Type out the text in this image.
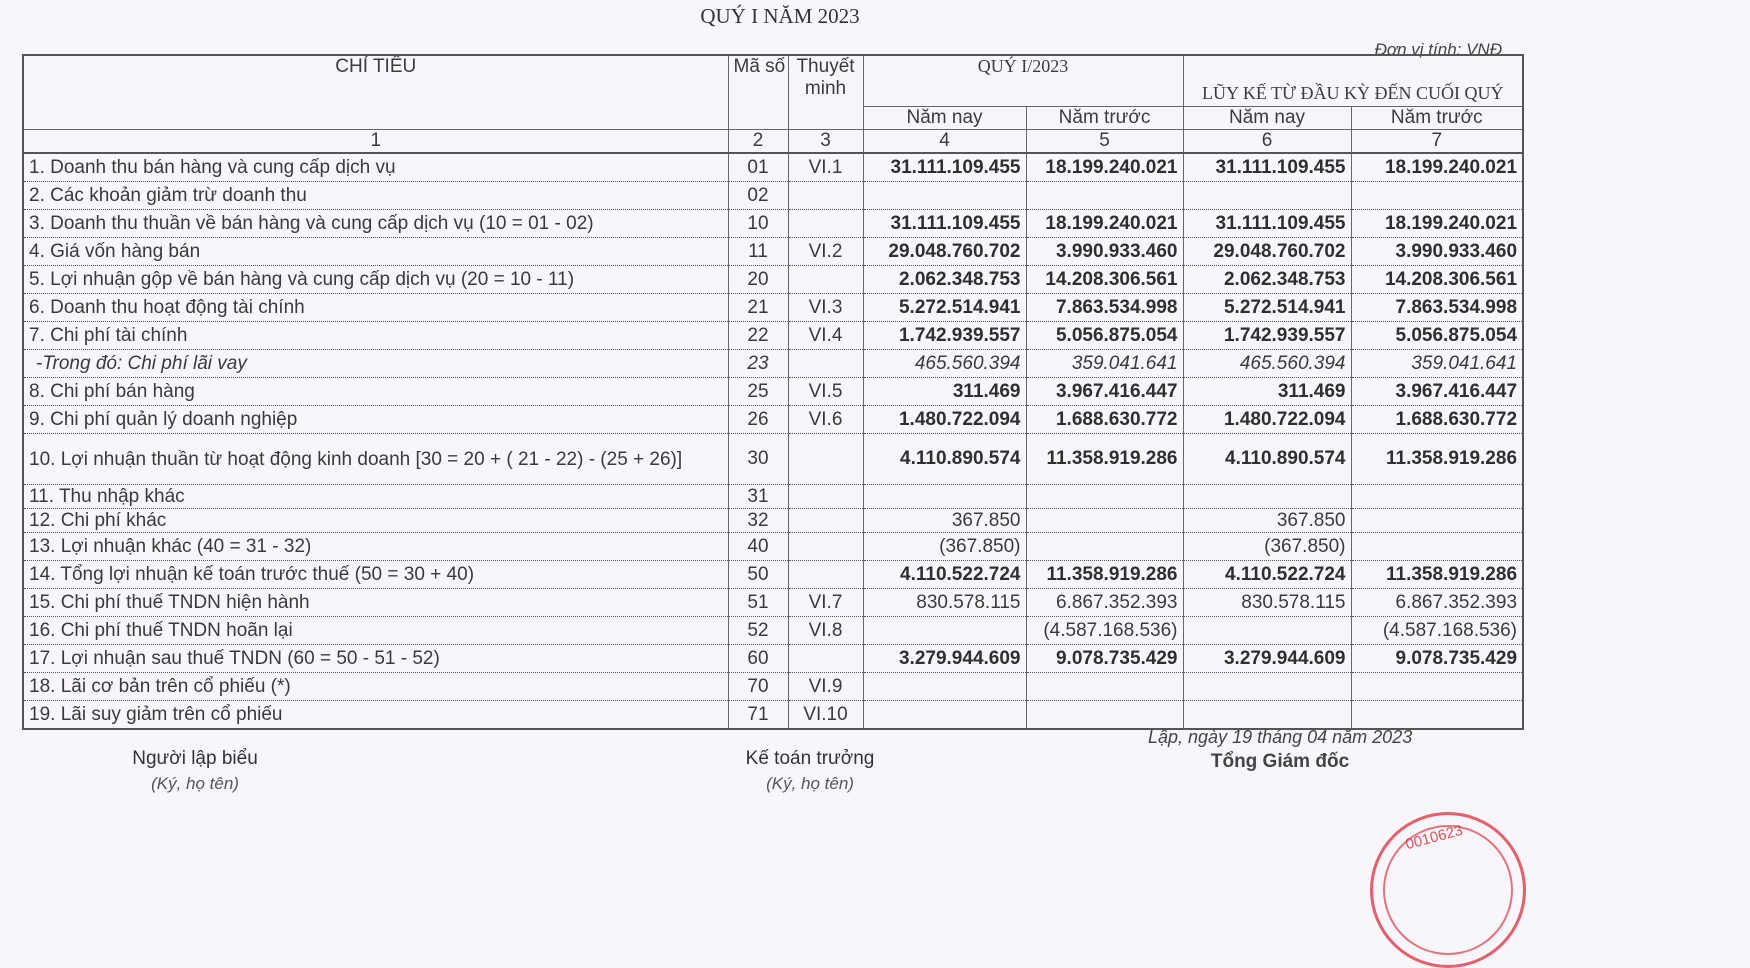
QUÝ I NĂM 2023
Đơn vị tính: VNĐ
CHỈ TIÊU	Mã số	Thuyết minh	QUÝ I/2023		LŨY KẾ TỪ ĐẦU KỲ ĐẾN CUỐI QUÝ	
			Năm nay	Năm trước	Năm nay	Năm trước
1	2	3	4	5	6	7
1. Doanh thu bán hàng và cung cấp dịch vụ	01	VI.1	31.111.109.455	18.199.240.021	31.111.109.455	18.199.240.021
2. Các khoản giảm trừ doanh thu	02					
3. Doanh thu thuần về bán hàng và cung cấp dịch vụ (10 = 01 - 02)	10		31.111.109.455	18.199.240.021	31.111.109.455	18.199.240.021
4. Giá vốn hàng bán	11	VI.2	29.048.760.702	3.990.933.460	29.048.760.702	3.990.933.460
5. Lợi nhuận gộp về bán hàng và cung cấp dịch vụ (20 = 10 - 11)	20		2.062.348.753	14.208.306.561	2.062.348.753	14.208.306.561
6. Doanh thu hoạt động tài chính	21	VI.3	5.272.514.941	7.863.534.998	5.272.514.941	7.863.534.998
7. Chi phí tài chính	22	VI.4	1.742.939.557	5.056.875.054	1.742.939.557	5.056.875.054
-Trong đó: Chi phí lãi vay	23		465.560.394	359.041.641	465.560.394	359.041.641
8. Chi phí bán hàng	25	VI.5	311.469	3.967.416.447	311.469	3.967.416.447
9. Chi phí quản lý doanh nghiệp	26	VI.6	1.480.722.094	1.688.630.772	1.480.722.094	1.688.630.772
10. Lợi nhuận thuần từ hoạt động kinh doanh [30 = 20 + ( 21 - 22) - (25 + 26)]	30		4.110.890.574	11.358.919.286	4.110.890.574	11.358.919.286
11. Thu nhập khác	31					
12. Chi phí khác	32		367.850		367.850	
13. Lợi nhuận khác (40 = 31 - 32)	40		(367.850)		(367.850)	
14. Tổng lợi nhuận kế toán trước thuế (50 = 30 + 40)	50		4.110.522.724	11.358.919.286	4.110.522.724	11.358.919.286
15. Chi phí thuế TNDN hiện hành	51	VI.7	830.578.115	6.867.352.393	830.578.115	6.867.352.393
16. Chi phí thuế TNDN hoãn lại	52	VI.8		(4.587.168.536)		(4.587.168.536)
17. Lợi nhuận sau thuế TNDN (60 = 50 - 51 - 52)	60		3.279.944.609	9.078.735.429	3.279.944.609	9.078.735.429
18. Lãi cơ bản trên cổ phiếu (*)	70	VI.9				
19. Lãi suy giảm trên cổ phiếu	71	VI.10				
Người lập biểu
(Ký, họ tên)
Kế toán trưởng
(Ký, họ tên)
Lập, ngày 19 tháng 04 năm 2023
0010623
Tổng Giám đốc
